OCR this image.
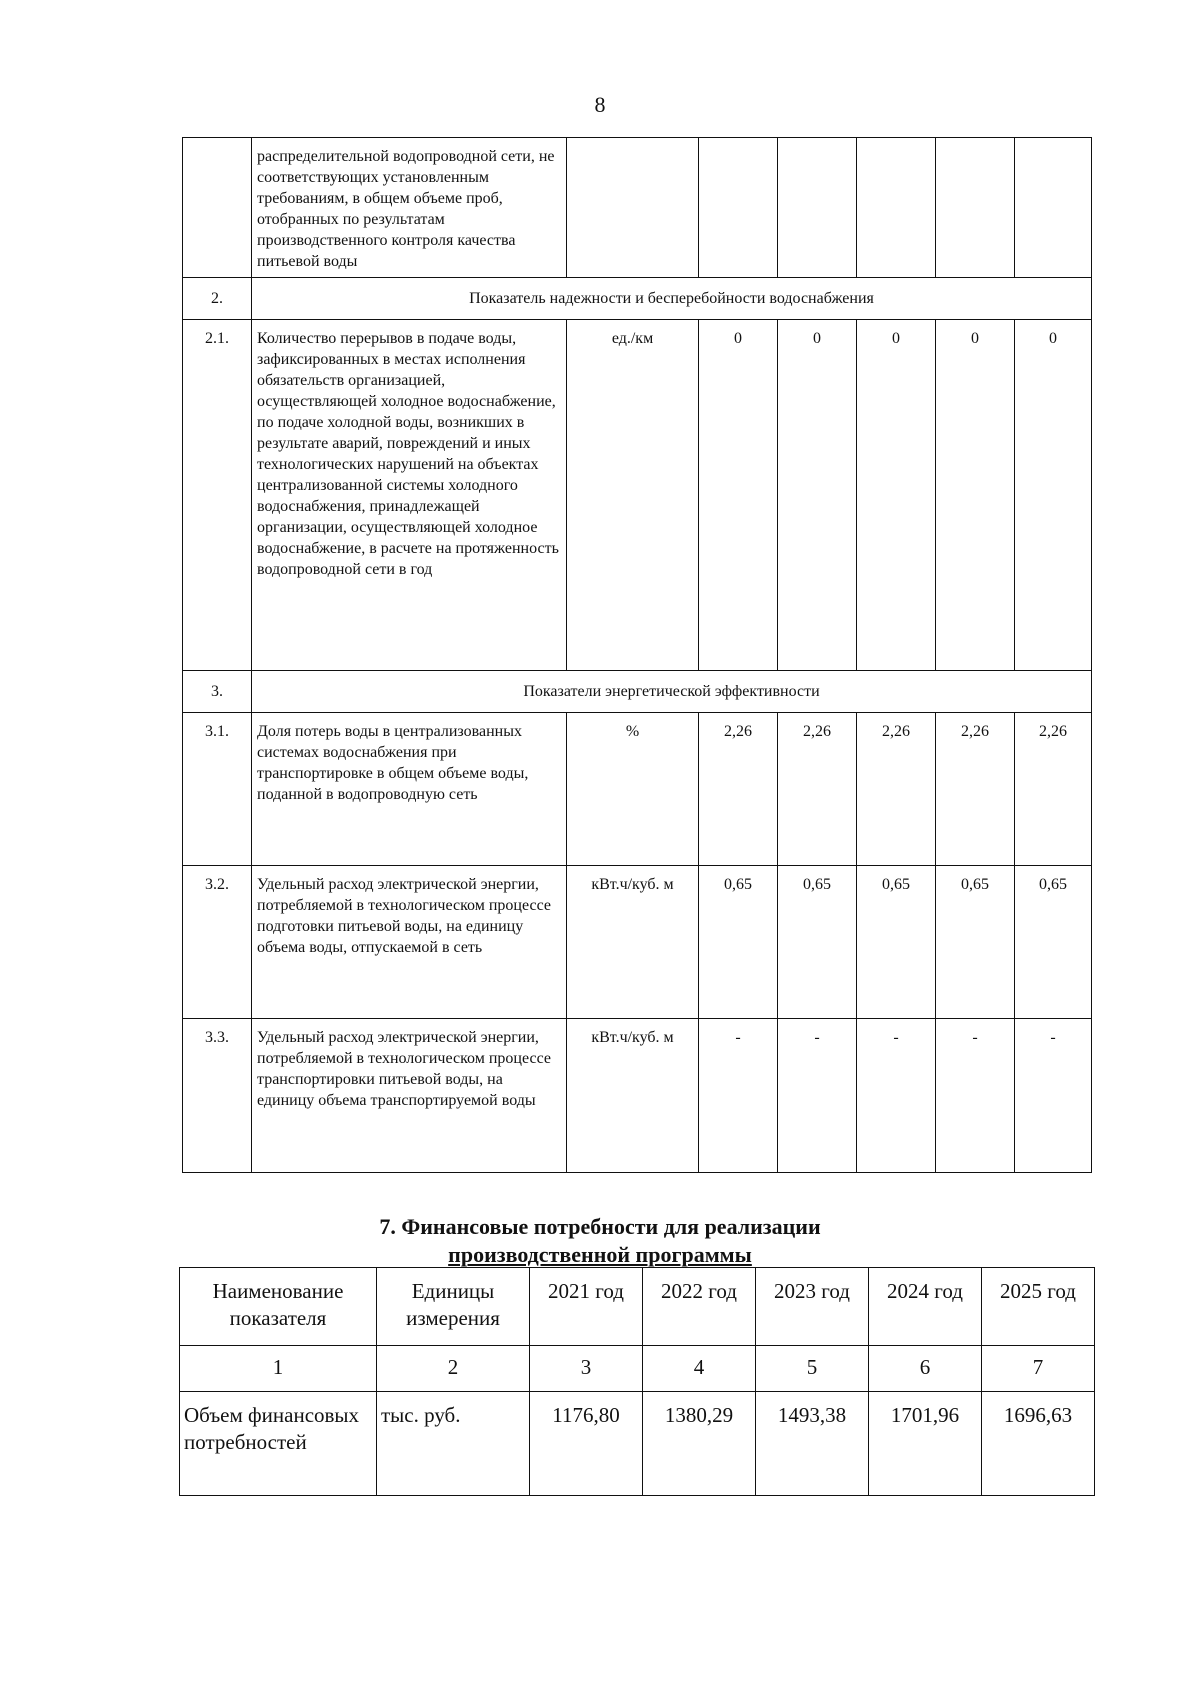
8
	распределительной водопроводной сети, не соответствующих установленным требованиям, в общем объеме проб, отобранных по результатам производственного контроля качества питьевой воды						
2.	Показатель надежности и бесперебойности водоснабжения						
2.1.	Количество перерывов в подаче воды, зафиксированных в местах исполнения обязательств организацией, осуществляющей холодное водоснабжение, по подаче холодной воды, возникших в результате аварий, повреждений и иных технологических нарушений на объектах централизованной системы холодного водоснабжения, принадлежащей организации, осуществляющей холодное водоснабжение, в расчете на протяженность водопроводной сети в год	ед./км	0	0	0	0	0
3.	Показатели энергетической эффективности						
3.1.	Доля потерь воды в централизованных системах водоснабжения при транспортировке в общем объеме воды, поданной в водопроводную сеть	%	2,26	2,26	2,26	2,26	2,26
3.2.	Удельный расход электрической энергии, потребляемой в технологическом процессе подготовки питьевой воды, на единицу объема воды, отпускаемой в сеть	кВт.ч/куб. м	0,65	0,65	0,65	0,65	0,65
3.3.	Удельный расход электрической энергии, потребляемой в технологическом процессе транспортировки питьевой воды, на единицу объема транспортируемой воды	кВт.ч/куб. м	-	-	-	-	-
7. Финансовые потребности для реализации
производственной программы
Наименование показателя	Единицы измерения	2021 год	2022 год	2023 год	2024 год	2025 год
1	2	3	4	5	6	7
Объем финансовых потребностей	тыс. руб.	1176,80	1380,29	1493,38	1701,96	1696,63
